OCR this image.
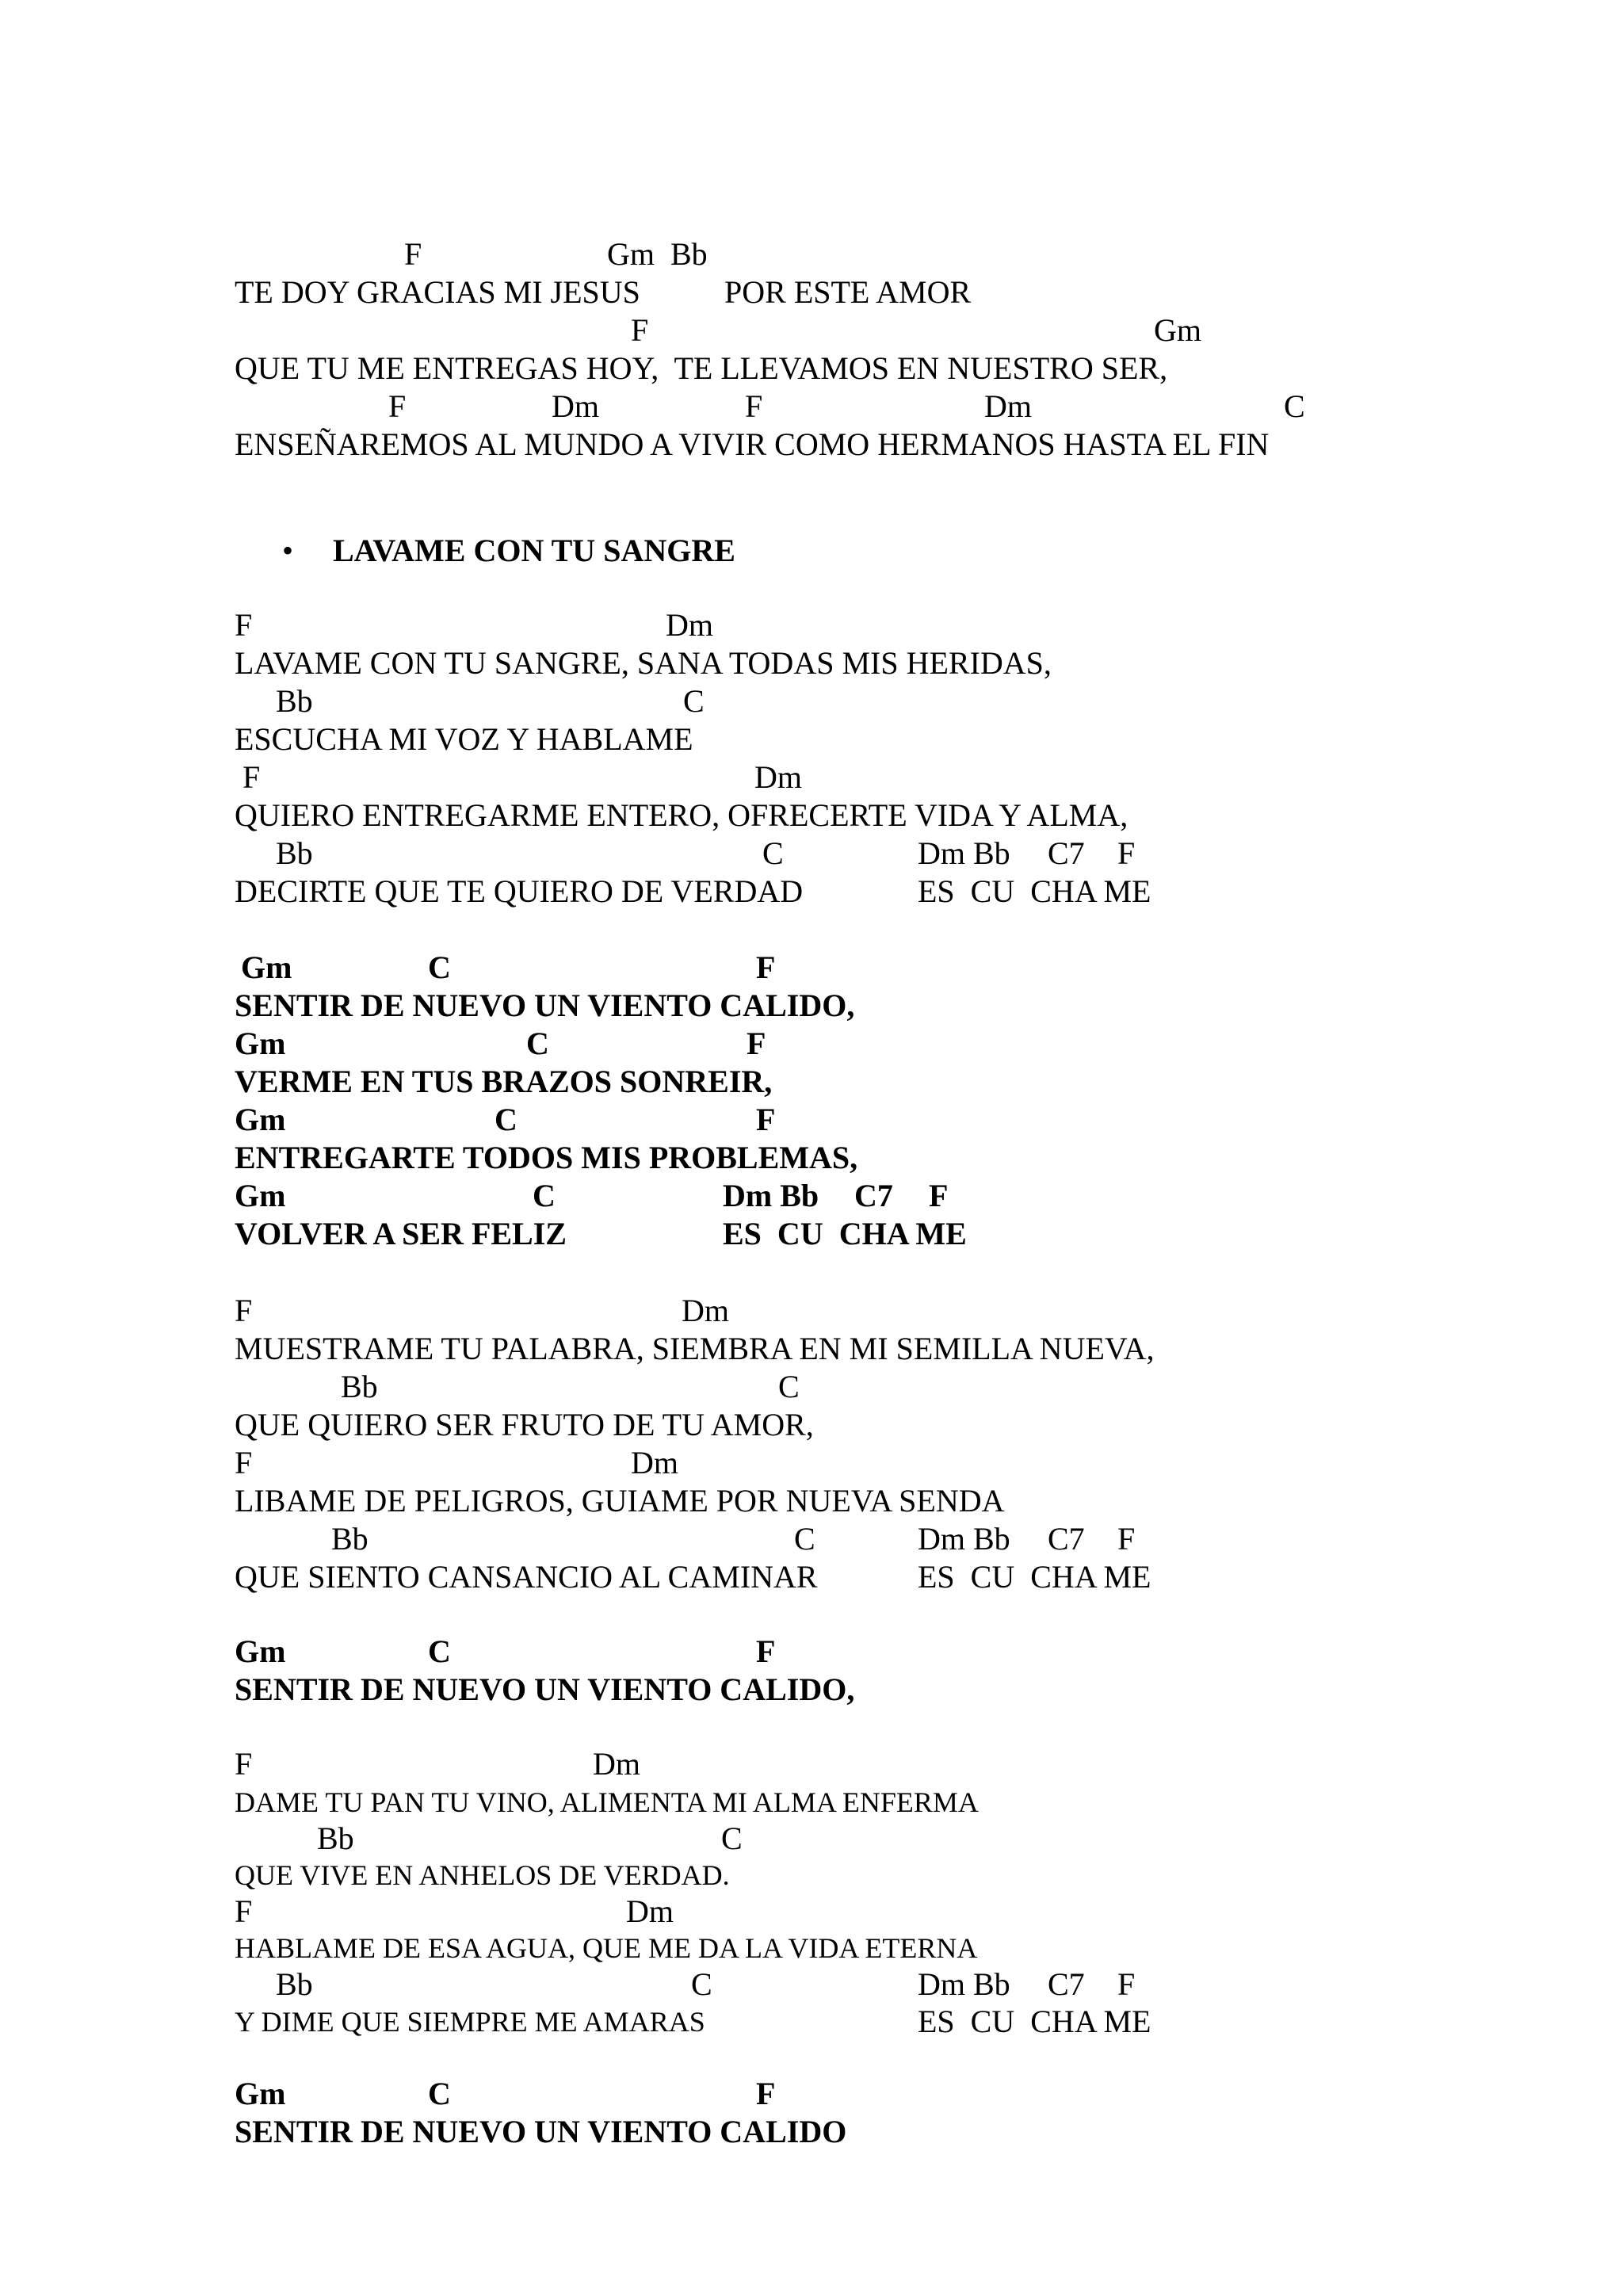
F

	Gm  Bb

TE DOY GRACIAS MI JESUS

	POR ESTE AMOR

F

	Gm

QUE TU ME ENTREGAS HOY,  TE LLEVAMOS EN NUESTRO SER,

F

	Dm

	F

	Dm

	C

ENSEÑAREMOS AL MUNDO A VIVIR COMO HERMANOS HASTA EL FIN

• LAVAME CON TU SANGRE

F

	Dm

LAVAME CON TU SANGRE, SANA TODAS MIS HERIDAS,

Bb

	C

ESCUCHA MI VOZ Y HABLAME

F

	Dm

QUIERO ENTREGARME ENTERO, OFRECERTE VIDA Y ALMA,

Bb

	C

	Dm Bb

C7

F

DECIRTE QUE TE QUIERO DE VERDAD

	ES  CU  CHA ME

Gm

	C

	F

SENTIR DE NUEVO UN VIENTO CALIDO,

Gm

	C

	F

VERME EN TUS BRAZOS SONREIR,

Gm

	C

	F

ENTREGARTE TODOS MIS PROBLEMAS,

Gm

	C

	Dm Bb

C7

F

VOLVER A SER FELIZ

	ES  CU  CHA ME

F

	Dm

MUESTRAME TU PALABRA, SIEMBRA EN MI SEMILLA NUEVA,

Bb

	C

QUE QUIERO SER FRUTO DE TU AMOR,

F

	Dm

LIBAME DE PELIGROS, GUIAME POR NUEVA SENDA

Bb

	C

	Dm Bb

C7

F

QUE SIENTO CANSANCIO AL CAMINAR

	ES  CU  CHA ME

Gm

	C

	F

SENTIR DE NUEVO UN VIENTO CALIDO,

F

	Dm

DAME TU PAN TU VINO, ALIMENTA MI ALMA ENFERMA

Bb

	C

QUE VIVE EN ANHELOS DE VERDAD.

F

	Dm

HABLAME DE ESA AGUA, QUE ME DA LA VIDA ETERNA

Bb

	C

	Dm Bb

C7

F

Y DIME QUE SIEMPRE ME AMARAS

	ES  CU  CHA ME

Gm

	C

	F

SENTIR DE NUEVO UN VIENTO CALIDO
